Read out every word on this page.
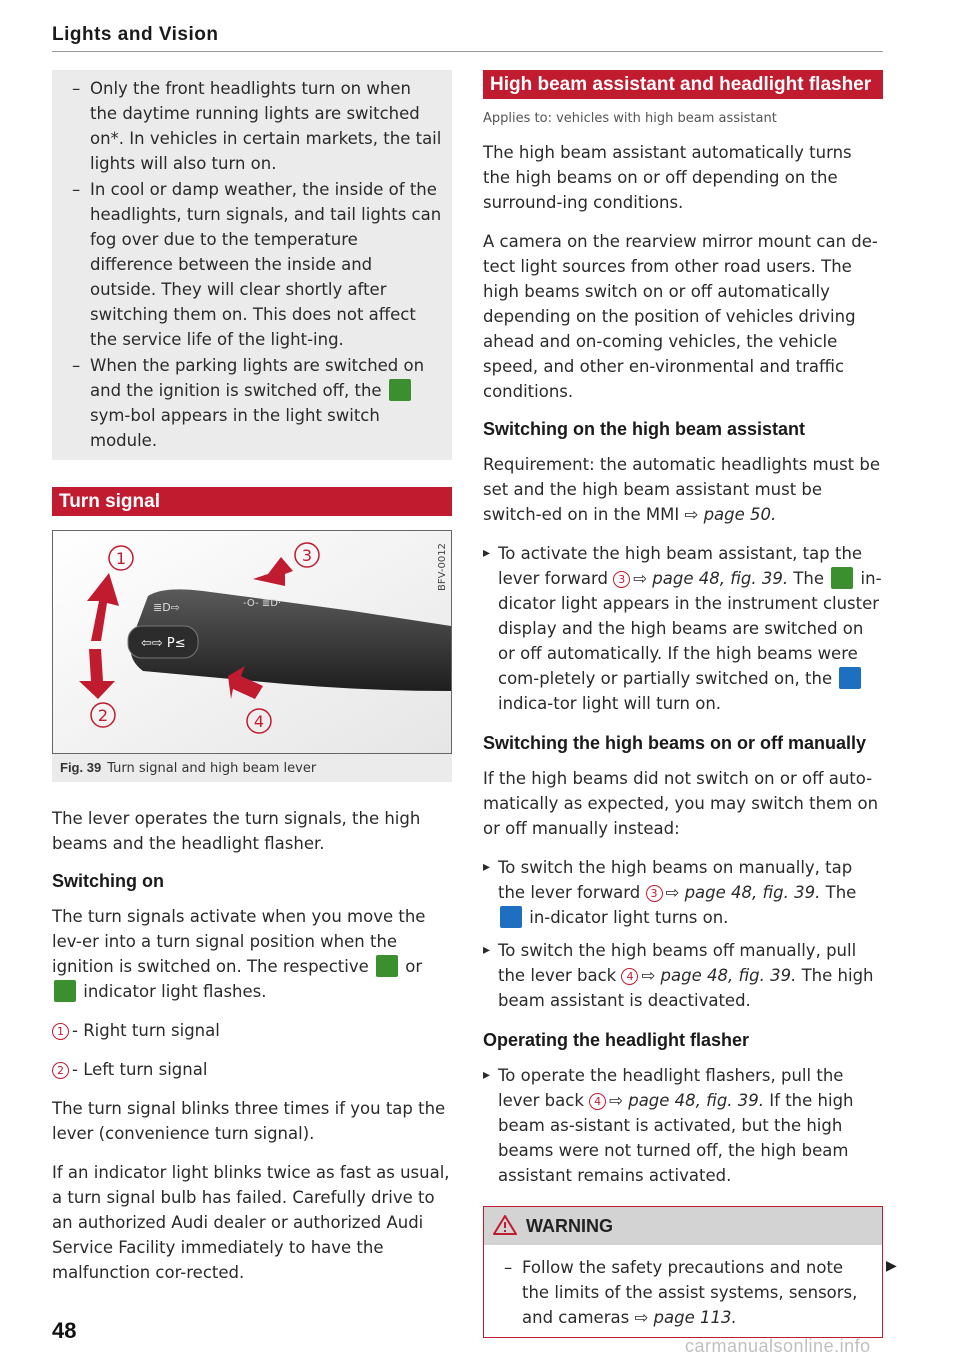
Lights and Vision
– Only the front headlights turn on when the daytime running lights are switched on*. In vehicles in certain markets, the tail lights will also turn on.
– In cool or damp weather, the inside of the headlights, turn signals, and tail lights can fog over due to the temperature difference between the inside and outside. They will clear shortly after switching them on. This does not affect the service life of the light-ing.
– When the parking lights are switched on and the ignition is switched off, the  sym-bol appears in the light switch module.
Turn signal
⇦⇨ P≤
≣D⇨	-O- ≣D·
1
2
3
4
BFV-0012
Fig. 39 Turn signal and high beam lever

The lever operates the turn signals, the high beams and the headlight flasher.

Switching on

The turn signals activate when you move the lev-er into a turn signal position when the ignition is switched on. The respective or  indicator light flashes.

1 - Right turn signal

2 - Left turn signal

The turn signal blinks three times if you tap the lever (convenience turn signal).

If an indicator light blinks twice as fast as usual, a turn signal bulb has failed. Carefully drive to an authorized Audi dealer or authorized Audi Service Facility immediately to have the malfunction cor-rected.

High beam assistant and headlight flasher
Applies to: vehicles with high beam assistant

The high beam assistant automatically turns the high beams on or off depending on the surround-ing conditions.

A camera on the rearview mirror mount can de-tect light sources from other road users. The high beams switch on or off automatically depending on the position of vehicles driving ahead and on-coming vehicles, the vehicle speed, and other en-vironmental and traffic conditions.

Switching on the high beam assistant

Requirement: the automatic headlights must be set and the high beam assistant must be switch-ed on in the MMI ⇨ page 50.

▸ To activate the high beam assistant, tap the lever forward 3 ⇨ page 48, fig. 39. The in-dicator light appears in the instrument cluster display and the high beams are switched on or off automatically. If the high beams were com-pletely or partially switched on, the  indica-tor light will turn on.
Switching the high beams on or off manually

If the high beams did not switch on or off auto-matically as expected, you may switch them on or off manually instead:

▸ To switch the high beams on manually, tap the lever forward 3 ⇨ page 48, fig. 39. The  in-dicator light turns on.
▸ To switch the high beams off manually, pull the lever back 4 ⇨ page 48, fig. 39. The high beam assistant is deactivated.
Operating the headlight flasher
▸ To operate the headlight flashers, pull the lever back 4 ⇨ page 48, fig. 39. If the high beam as-sistant is activated, but the high beams were not turned off, the high beam assistant remains activated.
WARNING
– Follow the safety precautions and note the limits of the assist systems, sensors, and cameras ⇨ page 113.
▶
48
carmanualsonline.info
